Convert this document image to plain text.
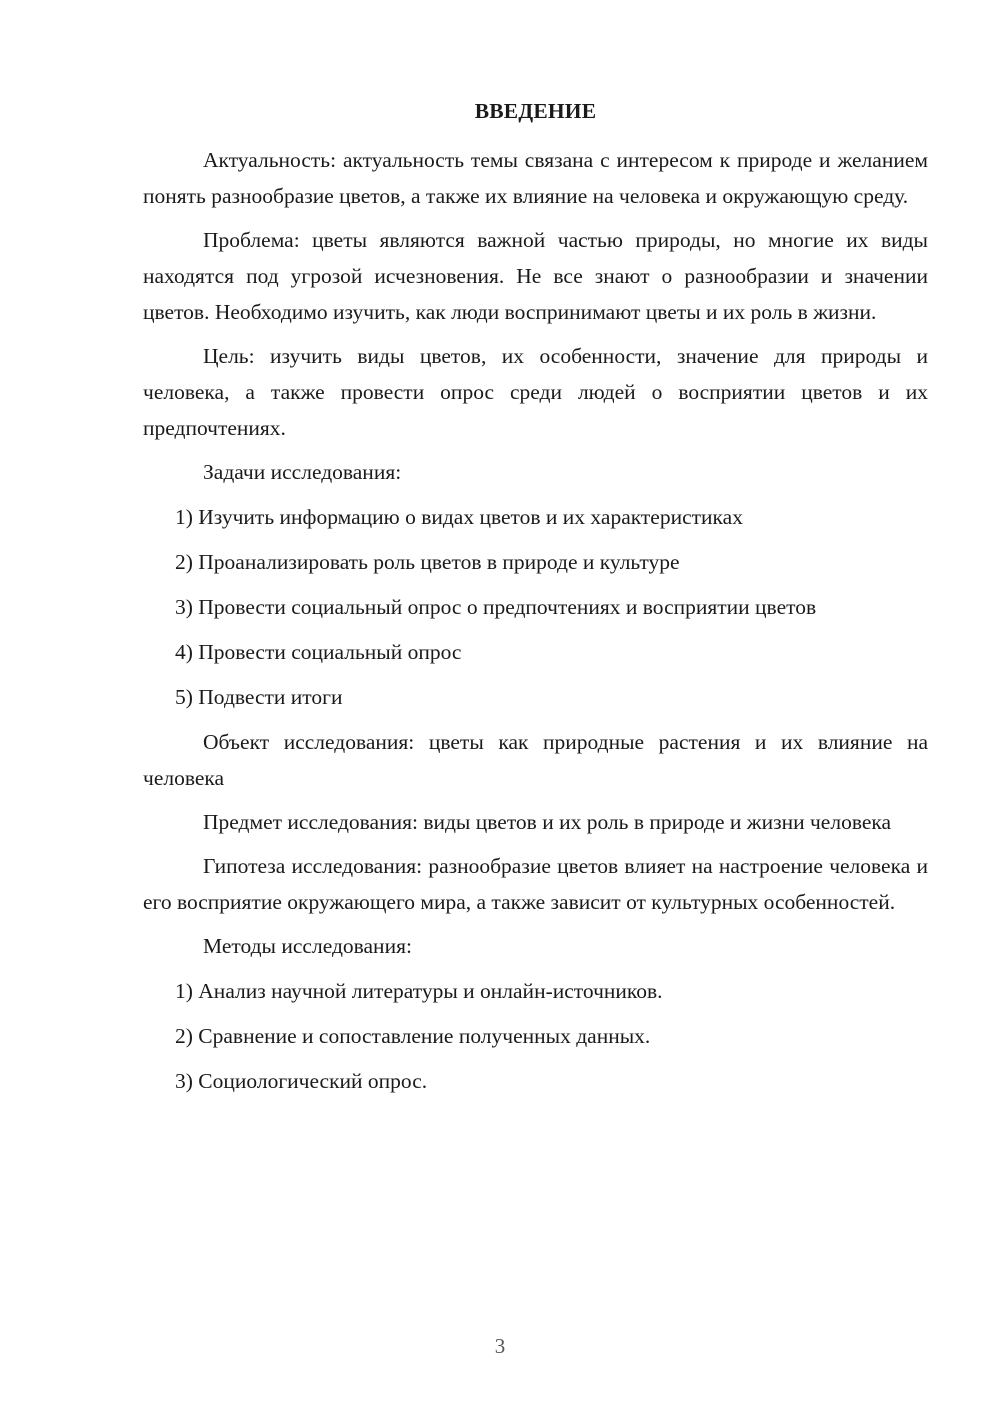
ВВЕДЕНИЕ

Актуальность: актуальность темы связана с интересом к природе и желанием понять разнообразие цветов, а также их влияние на человека и окружающую среду.

Проблема: цветы являются важной частью природы, но многие их виды находятся под угрозой исчезновения. Не все знают о разнообразии и значении цветов. Необходимо изучить, как люди воспринимают цветы и их роль в жизни.

Цель: изучить виды цветов, их особенности, значение для природы и человека, а также провести опрос среди людей о восприятии цветов и их предпочтениях.

Задачи исследования:

1) Изучить информацию о видах цветов и их характеристиках
2) Проанализировать роль цветов в природе и культуре
3) Провести социальный опрос о предпочтениях и восприятии цветов
4) Провести социальный опрос
5) Подвести итоги

Объект исследования: цветы как природные растения и их влияние на человека

Предмет исследования: виды цветов и их роль в природе и жизни человека

Гипотеза исследования: разнообразие цветов влияет на настроение человека и его восприятие окружающего мира, а также зависит от культурных особенностей.

Методы исследования:

1) Анализ научной литературы и онлайн-источников.
2) Сравнение и сопоставление полученных данных.
3) Социологический опрос.
3
